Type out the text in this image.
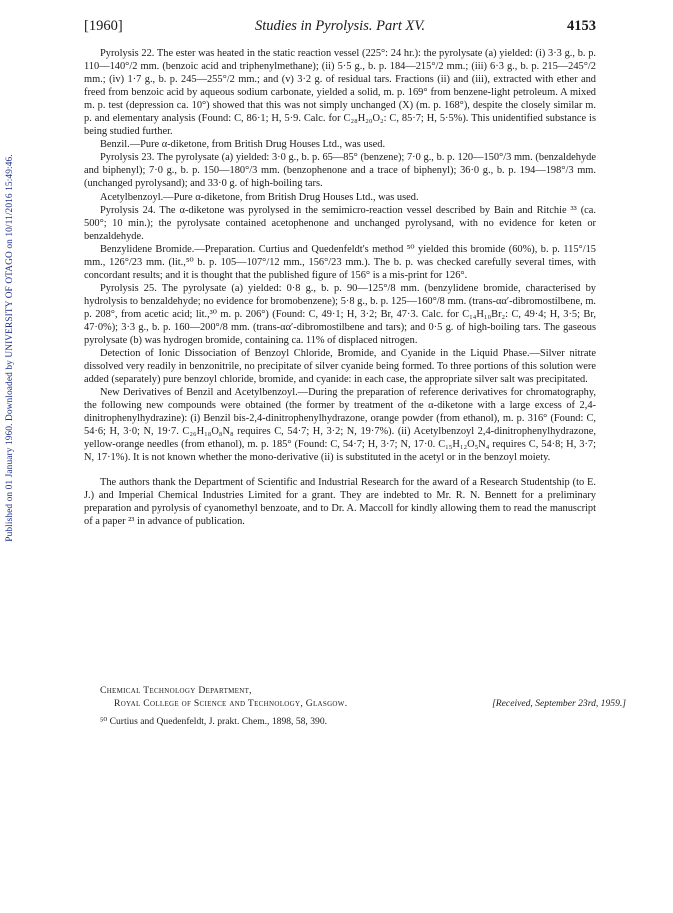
Published on 01 January 1960. Downloaded by UNIVERSITY OF OTAGO on 10/11/2016 15:49:46.
[1960]	Studies in Pyrolysis. Part XV.	4153

Pyrolysis 22. The ester was heated in the static reaction vessel (225°: 24 hr.): the pyrolysate (a) yielded: (i) 3·3 g., b. p. 110—140°/2 mm. (benzoic acid and triphenylmethane); (ii) 5·5 g., b. p. 184—215°/2 mm.; (iii) 6·3 g., b. p. 215—245°/2 mm.; (iv) 1·7 g., b. p. 245—255°/2 mm.; and (v) 3·2 g. of residual tars. Fractions (ii) and (iii), extracted with ether and freed from benzoic acid by aqueous sodium carbonate, yielded a solid, m. p. 169° from benzene-light petroleum. A mixed m. p. test (depression ca. 10°) showed that this was not simply unchanged (X) (m. p. 168°), despite the closely similar m. p. and elementary analysis (Found: C, 86·1; H, 5·9. Calc. for C₂₈H₂₀O₂: C, 85·7; H, 5·5%). This unidentified substance is being studied further.

Benzil.—Pure α-diketone, from British Drug Houses Ltd., was used.

Pyrolysis 23. The pyrolysate (a) yielded: 3·0 g., b. p. 65—85° (benzene); 7·0 g., b. p. 120—150°/3 mm. (benzaldehyde and biphenyl); 7·0 g., b. p. 150—180°/3 mm. (benzophenone and a trace of biphenyl); 36·0 g., b. p. 194—198°/3 mm. (unchanged pyrolysand); and 33·0 g. of high-boiling tars.

Acetylbenzoyl.—Pure α-diketone, from British Drug Houses Ltd., was used.

Pyrolysis 24. The α-diketone was pyrolysed in the semimicro-reaction vessel described by Bain and Ritchie ³³ (ca. 500°; 10 min.); the pyrolysate contained acetophenone and unchanged pyrolysand, with no evidence for keten or benzaldehyde.

Benzylidene Bromide.—Preparation. Curtius and Quedenfeldt's method ⁵⁰ yielded this bromide (60%), b. p. 115°/15 mm., 126°/23 mm. (lit.,⁵⁰ b. p. 105—107°/12 mm., 156°/23 mm.). The b. p. was checked carefully several times, with concordant results; and it is thought that the published figure of 156° is a mis-print for 126°.

Pyrolysis 25. The pyrolysate (a) yielded: 0·8 g., b. p. 90—125°/8 mm. (benzylidene bromide, characterised by hydrolysis to benzaldehyde; no evidence for bromobenzene); 5·8 g., b. p. 125—160°/8 mm. (trans-αα′-dibromostilbene, m. p. 208°, from acetic acid; lit.,³⁰ m. p. 206°) (Found: C, 49·1; H, 3·2; Br, 47·3. Calc. for C₁₄H₁₀Br₂: C, 49·4; H, 3·5; Br, 47·0%); 3·3 g., b. p. 160—200°/8 mm. (trans-αα′-dibromostilbene and tars); and 0·5 g. of high-boiling tars. The gaseous pyrolysate (b) was hydrogen bromide, containing ca. 11% of displaced nitrogen.

Detection of Ionic Dissociation of Benzoyl Chloride, Bromide, and Cyanide in the Liquid Phase.—Silver nitrate dissolved very readily in benzonitrile, no precipitate of silver cyanide being formed. To three portions of this solution were added (separately) pure benzoyl chloride, bromide, and cyanide: in each case, the appropriate silver salt was precipitated.

New Derivatives of Benzil and Acetylbenzoyl.—During the preparation of reference derivatives for chromatography, the following new compounds were obtained (the former by treatment of the α-diketone with a large excess of 2,4-dinitrophenylhydrazine): (i) Benzil bis-2,4-dinitrophenylhydrazone, orange powder (from ethanol), m. p. 316° (Found: C, 54·6; H, 3·0; N, 19·7. C₂₆H₁₈O₈N₈ requires C, 54·7; H, 3·2; N, 19·7%). (ii) Acetylbenzoyl 2,4-dinitrophenylhydrazone, yellow-orange needles (from ethanol), m. p. 185° (Found: C, 54·7; H, 3·7; N, 17·0. C₁₅H₁₂O₅N₄ requires C, 54·8; H, 3·7; N, 17·1%). It is not known whether the mono-derivative (ii) is substituted in the acetyl or in the benzoyl moiety.

The authors thank the Department of Scientific and Industrial Research for the award of a Research Studentship (to E. J.) and Imperial Chemical Industries Limited for a grant. They are indebted to Mr. R. N. Bennett for a preliminary preparation and pyrolysis of cyanomethyl benzoate, and to Dr. A. Maccoll for kindly allowing them to read the manuscript of a paper ²³ in advance of publication.

Chemical Technology Department,
Royal College of Science and Technology, Glasgow.	[Received, September 23rd, 1959.]
⁵⁰ Curtius and Quedenfeldt, J. prakt. Chem., 1898, 58, 390.
